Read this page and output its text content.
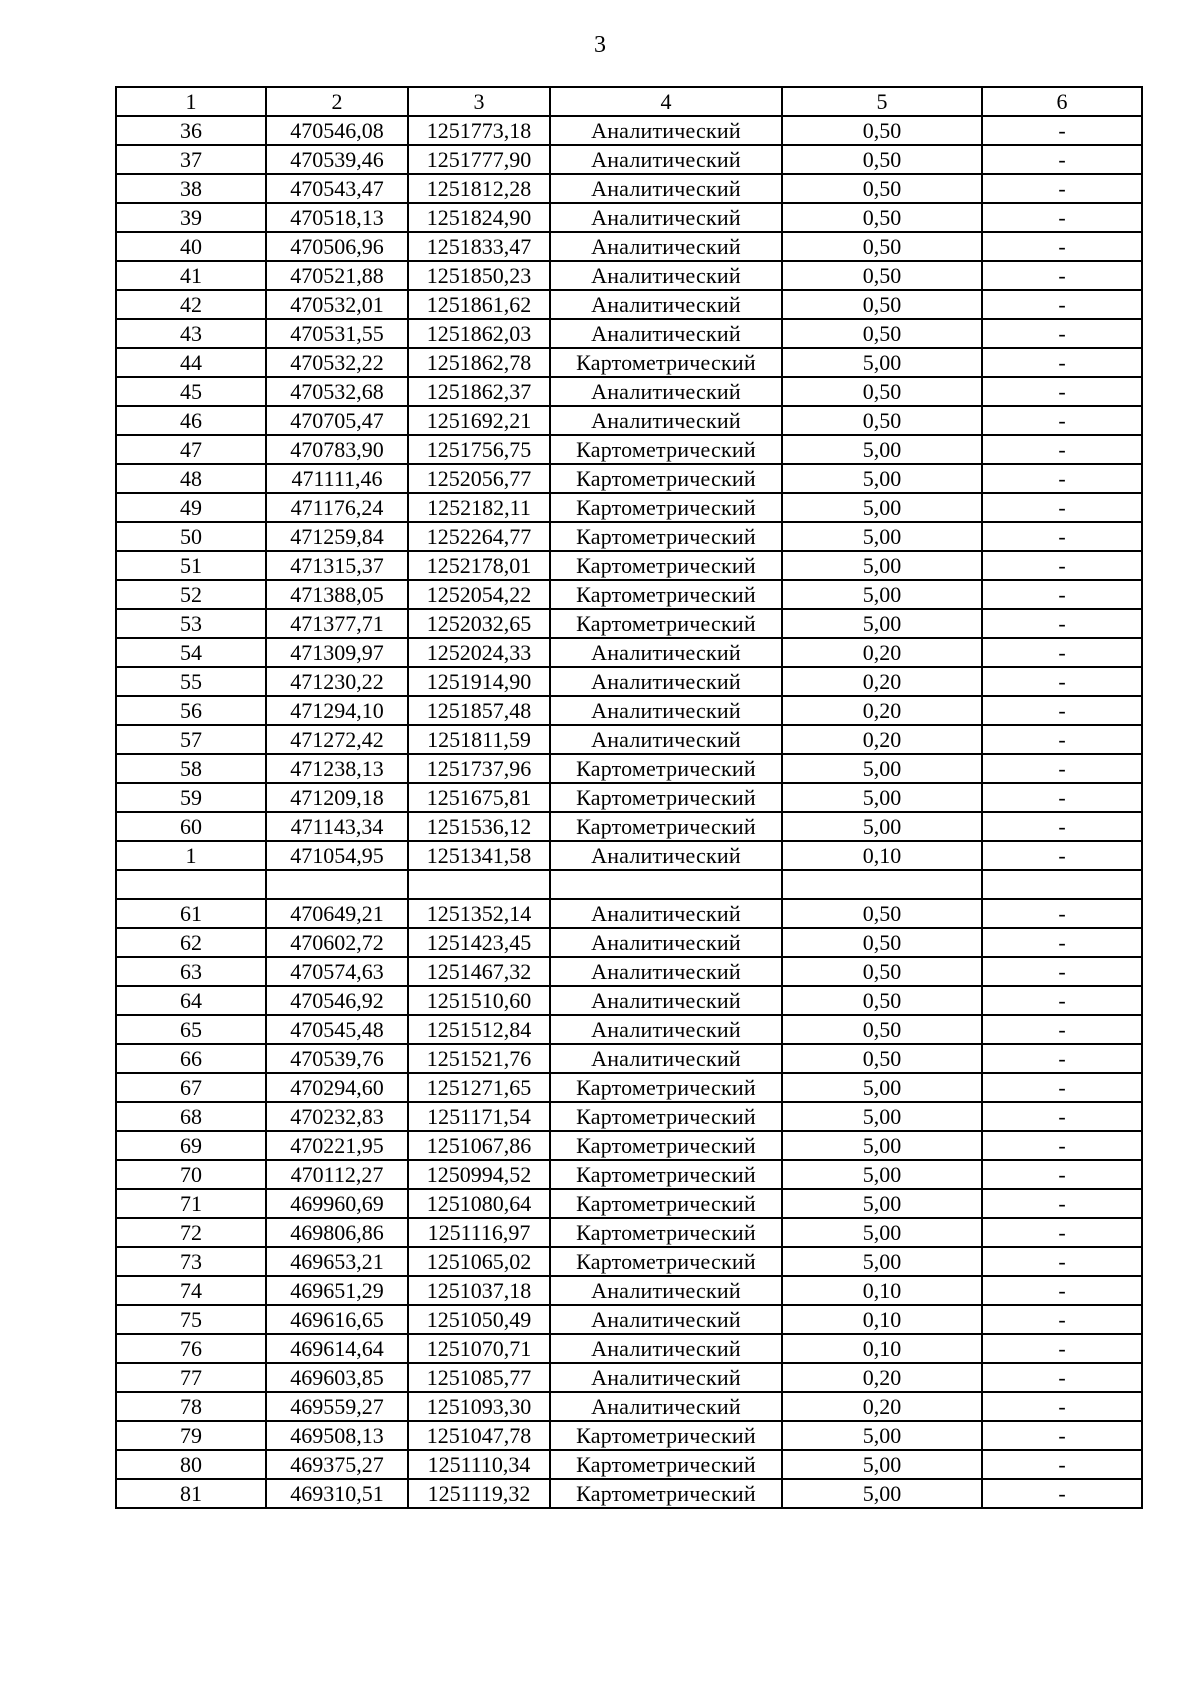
3
1	2	3	4	5	6
36	470546,08	1251773,18	Аналитический	0,50	-
37	470539,46	1251777,90	Аналитический	0,50	-
38	470543,47	1251812,28	Аналитический	0,50	-
39	470518,13	1251824,90	Аналитический	0,50	-
40	470506,96	1251833,47	Аналитический	0,50	-
41	470521,88	1251850,23	Аналитический	0,50	-
42	470532,01	1251861,62	Аналитический	0,50	-
43	470531,55	1251862,03	Аналитический	0,50	-
44	470532,22	1251862,78	Картометрический	5,00	-
45	470532,68	1251862,37	Аналитический	0,50	-
46	470705,47	1251692,21	Аналитический	0,50	-
47	470783,90	1251756,75	Картометрический	5,00	-
48	471111,46	1252056,77	Картометрический	5,00	-
49	471176,24	1252182,11	Картометрический	5,00	-
50	471259,84	1252264,77	Картометрический	5,00	-
51	471315,37	1252178,01	Картометрический	5,00	-
52	471388,05	1252054,22	Картометрический	5,00	-
53	471377,71	1252032,65	Картометрический	5,00	-
54	471309,97	1252024,33	Аналитический	0,20	-
55	471230,22	1251914,90	Аналитический	0,20	-
56	471294,10	1251857,48	Аналитический	0,20	-
57	471272,42	1251811,59	Аналитический	0,20	-
58	471238,13	1251737,96	Картометрический	5,00	-
59	471209,18	1251675,81	Картометрический	5,00	-
60	471143,34	1251536,12	Картометрический	5,00	-
1	471054,95	1251341,58	Аналитический	0,10	-

61	470649,21	1251352,14	Аналитический	0,50	-
62	470602,72	1251423,45	Аналитический	0,50	-
63	470574,63	1251467,32	Аналитический	0,50	-
64	470546,92	1251510,60	Аналитический	0,50	-
65	470545,48	1251512,84	Аналитический	0,50	-
66	470539,76	1251521,76	Аналитический	0,50	-
67	470294,60	1251271,65	Картометрический	5,00	-
68	470232,83	1251171,54	Картометрический	5,00	-
69	470221,95	1251067,86	Картометрический	5,00	-
70	470112,27	1250994,52	Картометрический	5,00	-
71	469960,69	1251080,64	Картометрический	5,00	-
72	469806,86	1251116,97	Картометрический	5,00	-
73	469653,21	1251065,02	Картометрический	5,00	-
74	469651,29	1251037,18	Аналитический	0,10	-
75	469616,65	1251050,49	Аналитический	0,10	-
76	469614,64	1251070,71	Аналитический	0,10	-
77	469603,85	1251085,77	Аналитический	0,20	-
78	469559,27	1251093,30	Аналитический	0,20	-
79	469508,13	1251047,78	Картометрический	5,00	-
80	469375,27	1251110,34	Картометрический	5,00	-
81	469310,51	1251119,32	Картометрический	5,00	-
